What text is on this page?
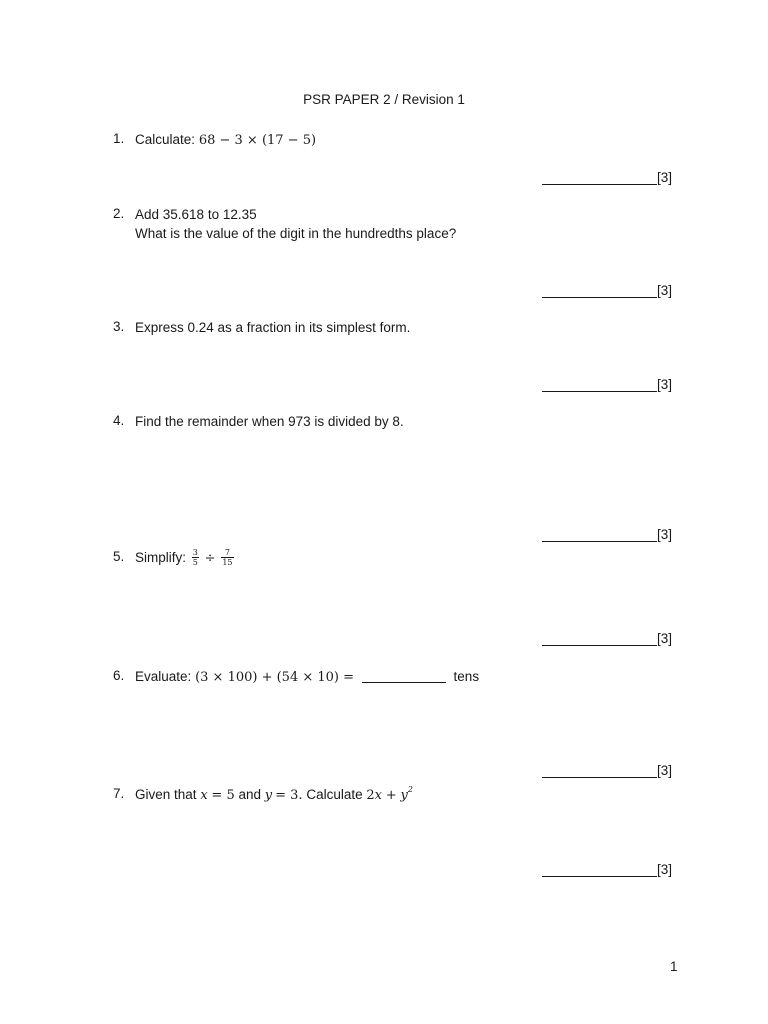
PSR PAPER 2 / Revision 1
1. Calculate: 68 − 3 × (17 − 5)
[3]
2. Add 35.618 to 12.35
What is the value of the digit in the hundredths place?
[3]
3. Express 0.24 as a fraction in its simplest form.
[3]
4. Find the remainder when 973 is divided by 8.
[3]
5. Simplify: $\frac{3}{5} \div \frac{7}{15}$
[3]
6. Evaluate: (3 × 100) + (54 × 10) =	tens
[3]
7. Given that x = 5 and y = 3. Calculate $2x + y^2$
[3]
1
